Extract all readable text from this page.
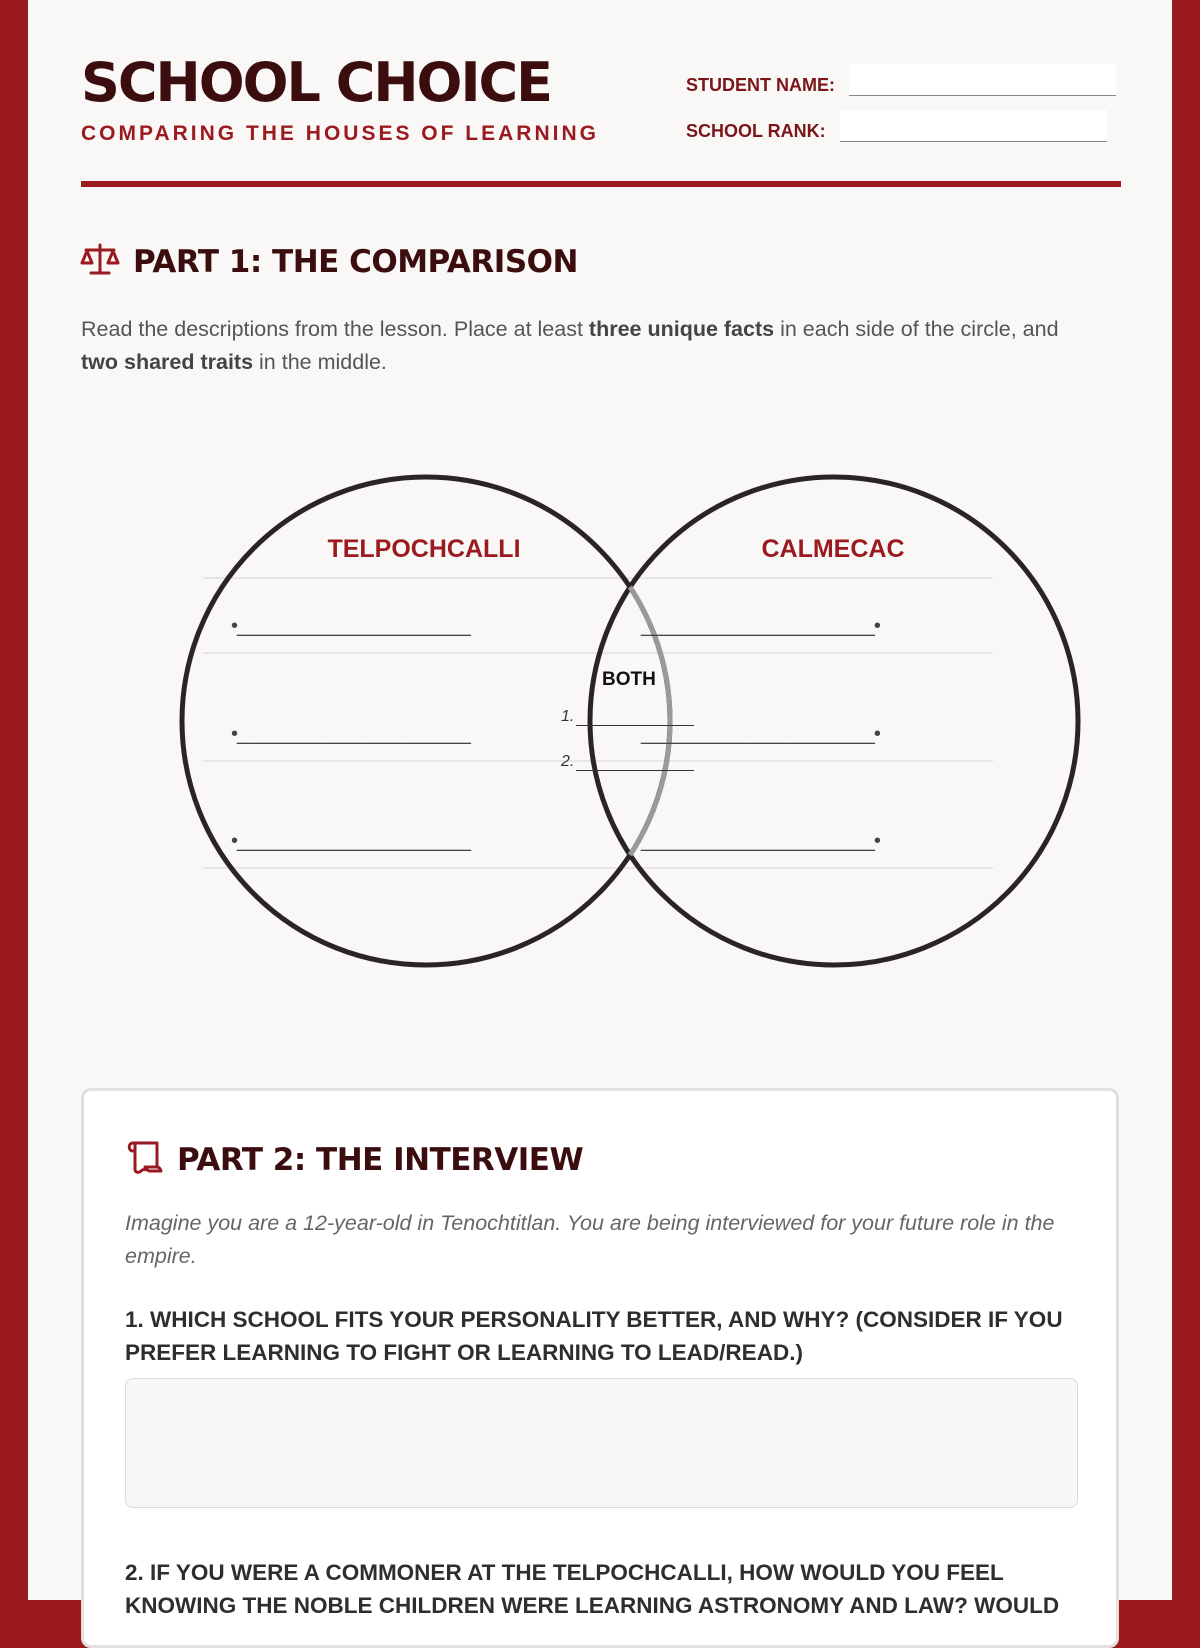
SCHOOL CHOICE
COMPARING THE HOUSES OF LEARNING
STUDENT NAME:
SCHOOL RANK:
PART 1: THE COMPARISON

Read the descriptions from the lesson. Place at least three unique facts in each side of the circle, and two shared traits in the middle.

TELPOCHCALLI	CALMECAC
•_______________________
•_______________________
•_______________________
_______________________•
_______________________•
_______________________•
BOTH
1.
2.
PART 2: THE INTERVIEW

Imagine you are a 12-year-old in Tenochtitlan. You are being interviewed for your future role in the empire.

1. WHICH SCHOOL FITS YOUR PERSONALITY BETTER, AND WHY? (CONSIDER IF YOU PREFER LEARNING TO FIGHT OR LEARNING TO LEAD/READ.)
2. IF YOU WERE A COMMONER AT THE TELPOCHCALLI, HOW WOULD YOU FEEL KNOWING THE NOBLE CHILDREN WERE LEARNING ASTRONOMY AND LAW? WOULD
